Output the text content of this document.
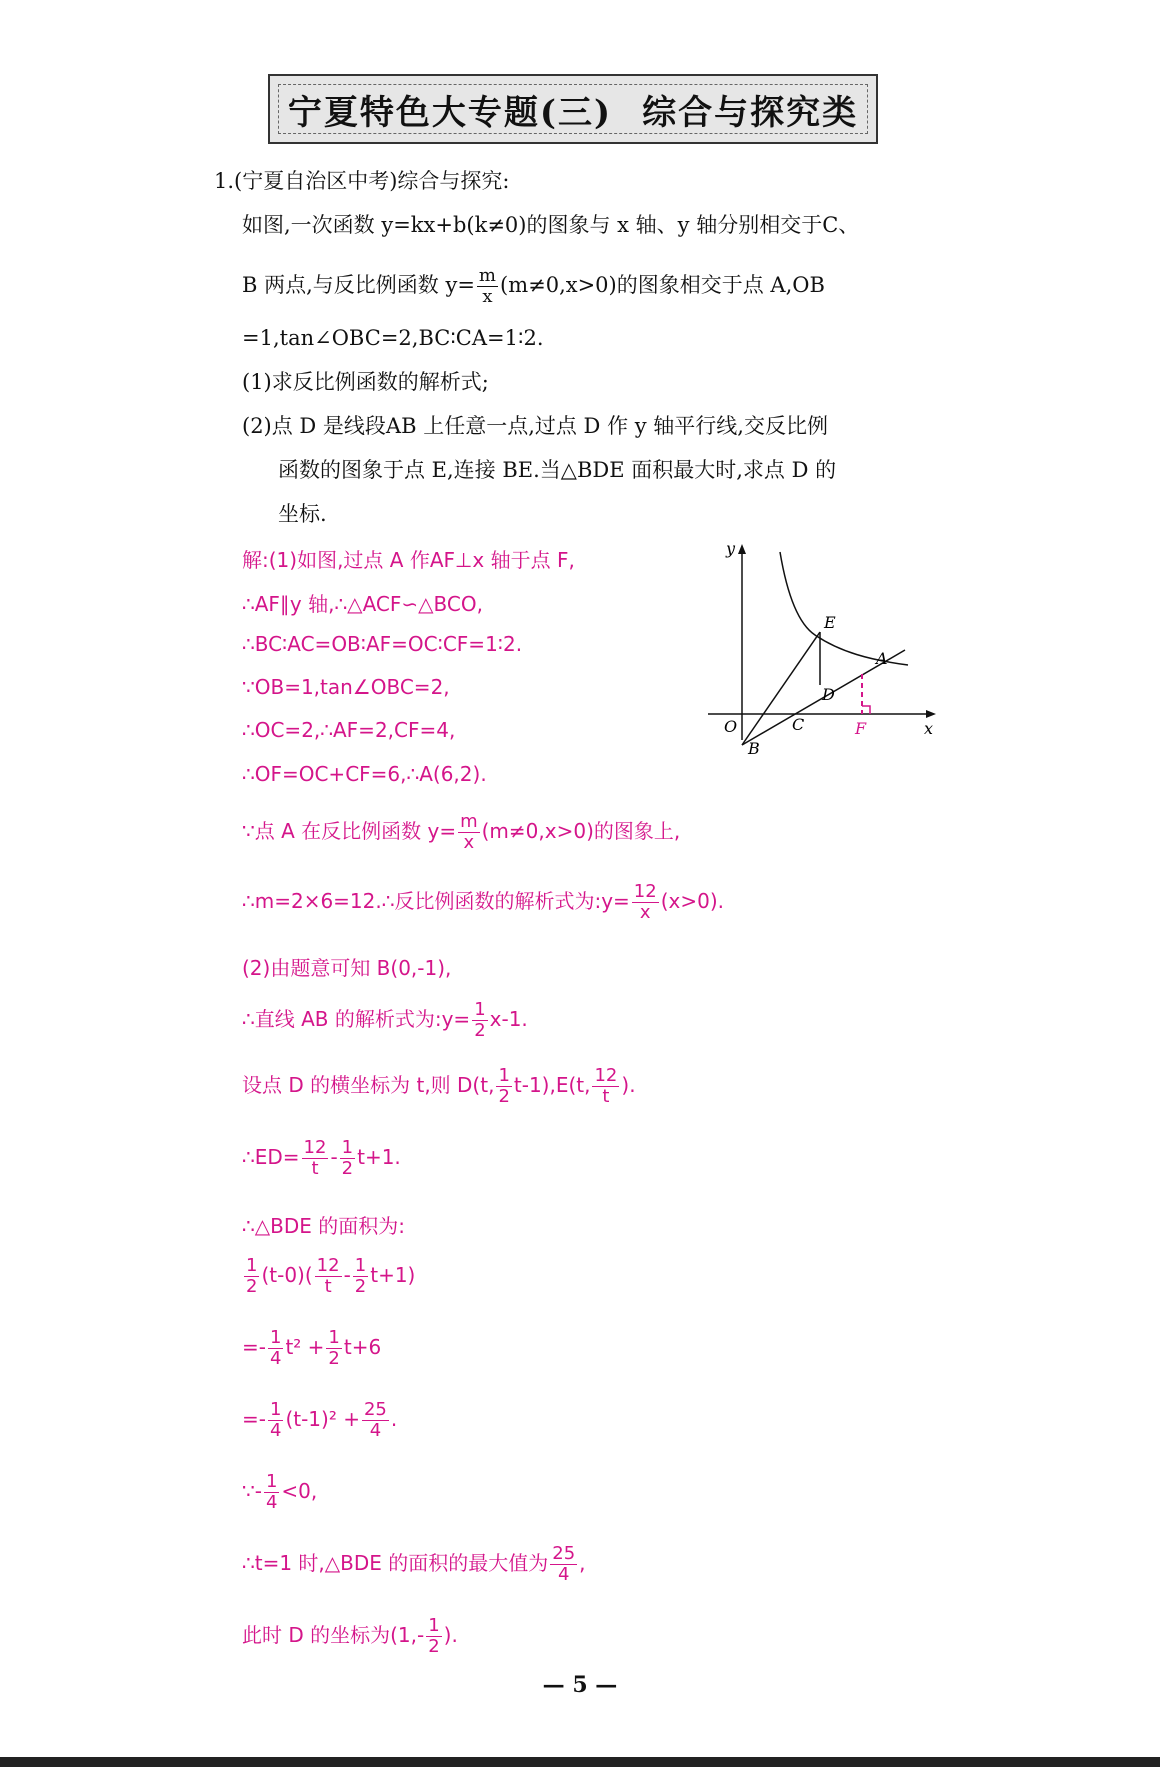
宁夏特色大专题(三) 综合与探究类
1.(宁夏自治区中考)综合与探究:
如图,一次函数 y=kx+b(k≠0)的图象与 x 轴、y 轴分别相交于C、
B 两点,与反比例函数 $y= \frac{m}{x} (m\ne 0,x>0)$的图象相交于点 A,OB
=1,tan∠OBC=2,BC∶CA=1∶2.
(1)求反比例函数的解析式;
(2)点 D 是线段AB 上任意一点,过点 D 作 y 轴平行线,交反比例
函数的图象于点 E,连接 BE.当△BDE 面积最大时,求点 D 的
坐标.
解:(1)如图,过点 A 作AF⊥x 轴于点 F,
∴AF∥y 轴,∴△ACF∽△BCO,
∴BC∶AC=OB∶AF=OC∶CF=1∶2.
∵OB=1,tan∠OBC=2,
∴OC=2,∴AF=2,CF=4,
∴OF=OC+CF=6,∴A(6,2).
∵点 A 在反比例函数 $y= \frac{m}{x} (m\ne 0,x>0)$的图象上,
∴m=2×6=12.∴反比例函数的解析式为:y= $\frac{12}{x} (x>0)$.
(2)由题意可知 B(0,-1),
∴直线 AB 的解析式为:y= $\frac{1}{2} x-1$.
设点 D 的横坐标为 t,则 D(t, $\frac{1}{2} t-1),E(t$, $\frac{12}{t}$ ).
∴ED= $\frac{12}{t} - \frac{1}{2} t+1$.
∴△BDE 的面积为:
$\frac{1}{2} (t-0)( \frac{12}{t} - \frac{1}{2} t+1)$
=- $\frac{1}{4} t^2 + \frac{1}{2} t+6$
=- $\frac{1}{4} (t-1)^2 + \frac{25}{4}$ .
∵- $\frac{1}{4} <0$,
∴t=1 时,△BDE 的面积的最大值为 $\frac{25}{4}$ ,
此时 D 的坐标为($1,- \frac{1}{2}$ ).
y
x
O
B
C
D
E
A
F
— 5 —
